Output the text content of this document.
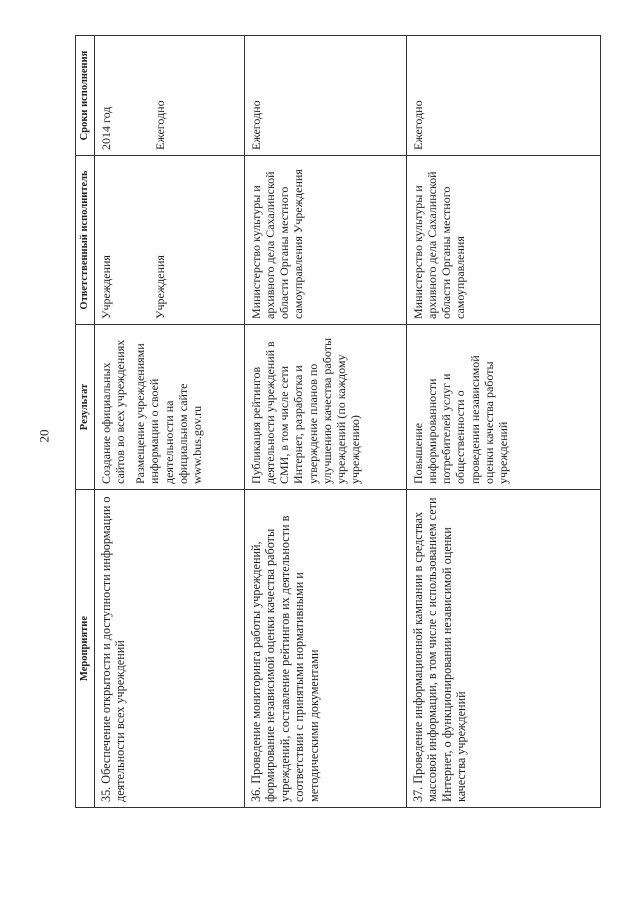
20
Мероприятие	Результат	Ответственный исполнитель	Сроки исполнения
35. Обеспечение открытости и доступности информации о деятельности всех учреждений	Создание официальных сайтов во всех учреждениях Размещение учреждениями информации о своей деятельности на официальном сайте www.bus.gov.ru	Учреждения Учреждения	2014 год Ежегодно

36. Проведение мониторинга работы учреждений, формирование независимой оценки качества работы учреждений, составление рейтингов их деятельности в соответствии с принятыми нормативными и методическими документами	Публикация рейтингов деятельности учреждений в СМИ, в том числе сети Интернет, разработка и утверждение планов по улучшению качества работы учреждений (по каждому учреждению)	Министерство культуры и архивного дела Сахалинской области Органы местного самоуправления Учреждения	Ежегодно
37. Проведение информационной кампании в средствах массовой информации, в том числе с использованием сети Интернет, о функционировании независимой оценки качества учреждений	Повышение информированности потребителей услуг и общественности о проведении независимой оценки качества работы учреждений	Министерство культуры и архивного дела Сахалинской области Органы местного самоуправления	Ежегодно
